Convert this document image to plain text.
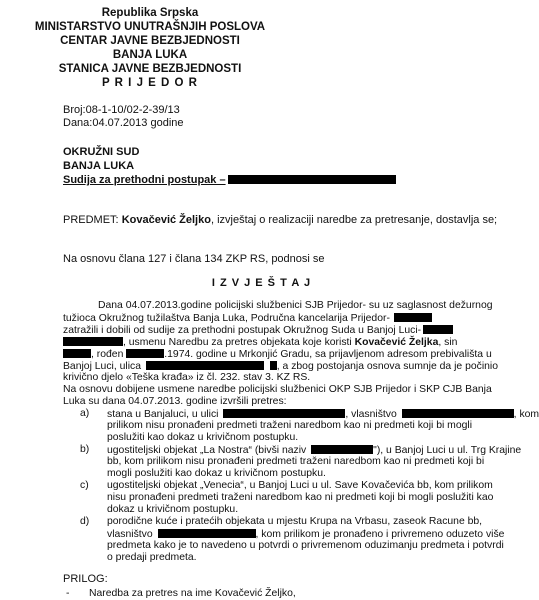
Republika Srpska
MINISTARSTVO UNUTRAŠNJIH POSLOVA
CENTAR JAVNE BEZBJEDNOSTI
BANJA LUKA
STANICA JAVNE BEZBJEDNOSTI
P R I J E D O R
Broj:08-1-10/02-2-39/13
Dana:04.07.2013 godine
OKRUŽNI SUD
BANJA LUKA
Sudija za prethodni postupak –
PREDMET: Kovačević Željko, izvještaj o realizaciji naredbe za pretresanje, dostavlja se;
Na osnovu člana 127 i člana 134 ZKP RS, podnosi se
I Z V J E Š T A J
Dana 04.07.2013.godine policijski službenici SJB Prijedor- su uz saglasnost dežurnog
tužioca Okružnog tužilaštva Banja Luka, Područna kancelarija Prijedor-
zatražili i dobili od sudije za prethodni postupak Okružnog Suda u Banjoj Luci-
, usmenu Naredbu za pretres objekata koje koristi Kovačević Željka, sin
, rođen	.1974. godine u Mrkonjić Gradu, sa prijavljenom adresom prebivališta u
Banjoj Luci, ulica	, a zbog postojanja osnova sumnje da je počinio
krivično djelo «Teška krađa» iz čl. 232. stav 3. KZ RS.
Na osnovu dobijene usmene naredbe policijski službenici OKP SJB Prijedor i SKP CJB Banja
Luka su dana 04.07.2013. godine izvršili pretres:
a) stana u Banjaluci, u ulici	, vlasništvo	, kom
prilikom nisu pronađeni predmeti traženi naredbom kao ni predmeti koji bi mogli
poslužiti kao dokaz u krivičnom postupku.
b) ugostiteljski objekat „La Nostra“ (bivši naziv	"), u Banjoj Luci u ul. Trg Krajine
bb, kom prilikom nisu pronađeni predmeti traženi naredbom kao ni predmeti koji bi
mogli poslužiti kao dokaz u krivičnom postupku.
c) ugostiteljski objekat „Venecia“, u Banjoj Luci u ul. Save Kovačevića bb, kom prilikom
nisu pronađeni predmeti traženi naredbom kao ni predmeti koji bi mogli poslužiti kao
dokaz u krivičnom postupku.
d) porodične kuće i pratećih objekata u mjestu Krupa na Vrbasu, zaseok Racune bb,
vlasništvo	, kom prilikom je pronađeno i privremeno oduzeto više
predmeta kako je to navedeno u potvrdi o privremenom oduzimanju predmeta i potvrdi
o predaji predmeta.
PRILOG:
- Naredba za pretres na ime Kovačević Željko,
